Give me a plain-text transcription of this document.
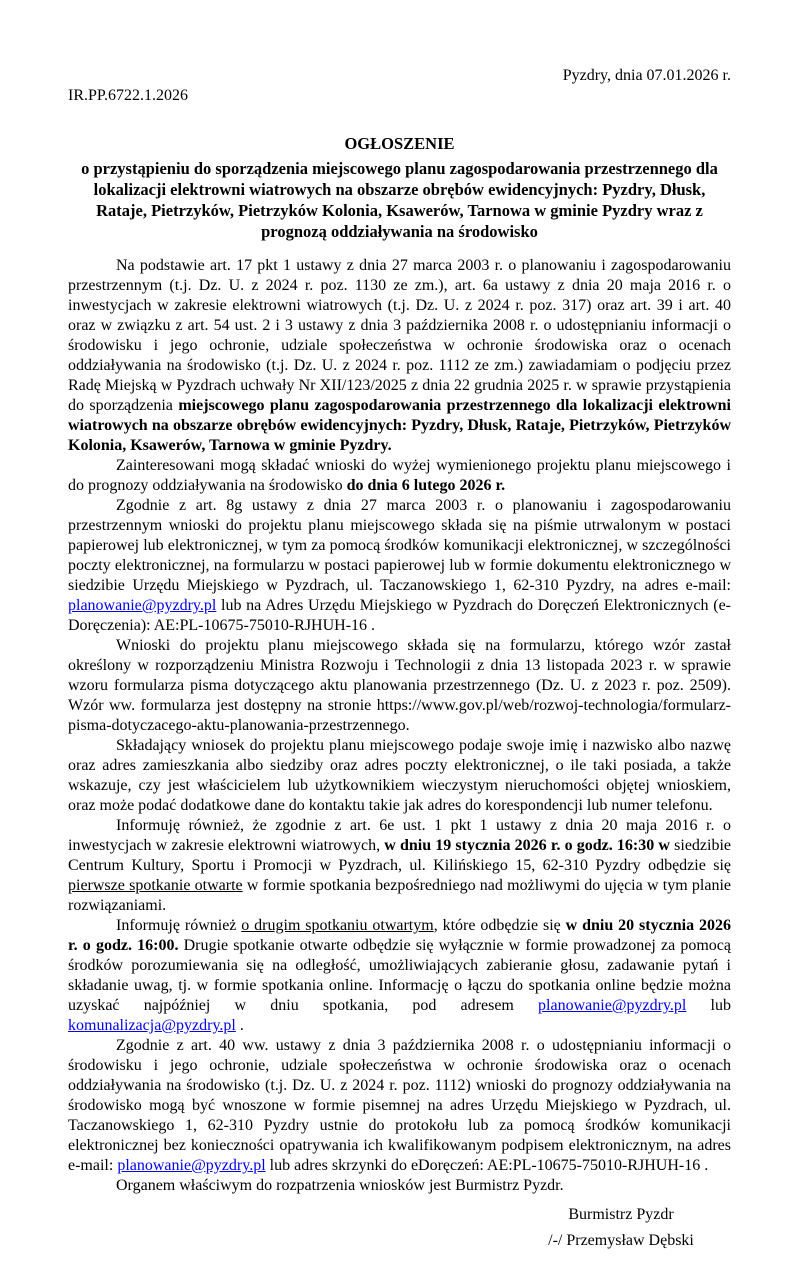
Pyzdry, dnia 07.01.2026 r.
IR.PP.6722.1.2026
OGŁOSZENIE
o przystąpieniu do sporządzenia miejscowego planu zagospodarowania przestrzennego dla lokalizacji elektrowni wiatrowych na obszarze obrębów ewidencyjnych: Pyzdry, Dłusk, Rataje, Pietrzyków, Pietrzyków Kolonia, Ksawerów, Tarnowa w gminie Pyzdry wraz z prognozą oddziaływania na środowisko

Na podstawie art. 17 pkt 1 ustawy z dnia 27 marca 2003 r. o planowaniu i zagospodarowaniu przestrzennym (t.j. Dz. U. z 2024 r. poz. 1130 ze zm.), art. 6a ustawy z dnia 20 maja 2016 r. o inwestycjach w zakresie elektrowni wiatrowych (t.j. Dz. U. z 2024 r. poz. 317) oraz art. 39 i art. 40 oraz w związku z art. 54 ust. 2 i 3 ustawy z dnia 3 października 2008 r. o udostępnianiu informacji o środowisku i jego ochronie, udziale społeczeństwa w ochronie środowiska oraz o ocenach oddziaływania na środowisko (t.j. Dz. U. z 2024 r. poz. 1112 ze zm.) zawiadamiam o podjęciu przez Radę Miejską w Pyzdrach uchwały Nr XII/123/2025 z dnia 22 grudnia 2025 r. w sprawie przystąpienia do sporządzenia miejscowego planu zagospodarowania przestrzennego dla lokalizacji elektrowni wiatrowych na obszarze obrębów ewidencyjnych: Pyzdry, Dłusk, Rataje, Pietrzyków, Pietrzyków Kolonia, Ksawerów, Tarnowa w gminie Pyzdry.

Zainteresowani mogą składać wnioski do wyżej wymienionego projektu planu miejscowego i do prognozy oddziaływania na środowisko do dnia 6 lutego 2026 r.

Zgodnie z art. 8g ustawy z dnia 27 marca 2003 r. o planowaniu i zagospodarowaniu przestrzennym wnioski do projektu planu miejscowego składa się na piśmie utrwalonym w postaci papierowej lub elektronicznej, w tym za pomocą środków komunikacji elektronicznej, w szczególności poczty elektronicznej, na formularzu w postaci papierowej lub w formie dokumentu elektronicznego w siedzibie Urzędu Miejskiego w Pyzdrach, ul. Taczanowskiego 1, 62-310 Pyzdry, na adres e-mail: planowanie@pyzdry.pl lub na Adres Urzędu Miejskiego w Pyzdrach do Doręczeń Elektronicznych (e-Doręczenia): AE:PL-10675-75010-RJHUH-16 .

Wnioski do projektu planu miejscowego składa się na formularzu, którego wzór zastał określony w rozporządzeniu Ministra Rozwoju i Technologii z dnia 13 listopada 2023 r. w sprawie wzoru formularza pisma dotyczącego aktu planowania przestrzennego (Dz. U. z 2023 r. poz. 2509). Wzór ww. formularza jest dostępny na stronie https://www.gov.pl/web/rozwoj-technologia/formularz-pisma-dotyczacego-aktu-planowania-przestrzennego.

Składający wniosek do projektu planu miejscowego podaje swoje imię i nazwisko albo nazwę oraz adres zamieszkania albo siedziby oraz adres poczty elektronicznej, o ile taki posiada, a także wskazuje, czy jest właścicielem lub użytkownikiem wieczystym nieruchomości objętej wnioskiem, oraz może podać dodatkowe dane do kontaktu takie jak adres do korespondencji lub numer telefonu.

Informuję również, że zgodnie z art. 6e ust. 1 pkt 1 ustawy z dnia 20 maja 2016 r. o inwestycjach w zakresie elektrowni wiatrowych, w dniu 19 stycznia 2026 r. o godz. 16:30 w siedzibie Centrum Kultury, Sportu i Promocji w Pyzdrach, ul. Kilińskiego 15, 62-310 Pyzdry odbędzie się pierwsze spotkanie otwarte w formie spotkania bezpośredniego nad możliwymi do ujęcia w tym planie rozwiązaniami.

Informuję również o drugim spotkaniu otwartym, które odbędzie się w dniu 20 stycznia 2026 r. o godz. 16:00. Drugie spotkanie otwarte odbędzie się wyłącznie w formie prowadzonej za pomocą środków porozumiewania się na odległość, umożliwiających zabieranie głosu, zadawanie pytań i składanie uwag, tj. w formie spotkania online. Informację o łączu do spotkania online będzie można uzyskać najpóźniej w dniu spotkania, pod adresem planowanie@pyzdry.pl lub komunalizacja@pyzdry.pl .

Zgodnie z art. 40 ww. ustawy z dnia 3 października 2008 r. o udostępnianiu informacji o środowisku i jego ochronie, udziale społeczeństwa w ochronie środowiska oraz o ocenach oddziaływania na środowisko (t.j. Dz. U. z 2024 r. poz. 1112) wnioski do prognozy oddziaływania na środowisko mogą być wnoszone w formie pisemnej na adres Urzędu Miejskiego w Pyzdrach, ul. Taczanowskiego 1, 62-310 Pyzdry ustnie do protokołu lub za pomocą środków komunikacji elektronicznej bez konieczności opatrywania ich kwalifikowanym podpisem elektronicznym, na adres e-mail: planowanie@pyzdry.pl lub adres skrzynki do eDoręczeń: AE:PL-10675-75010-RJHUH-16 .

Organem właściwym do rozpatrzenia wniosków jest Burmistrz Pyzdr.

Burmistrz Pyzdr
/-/ Przemysław Dębski
